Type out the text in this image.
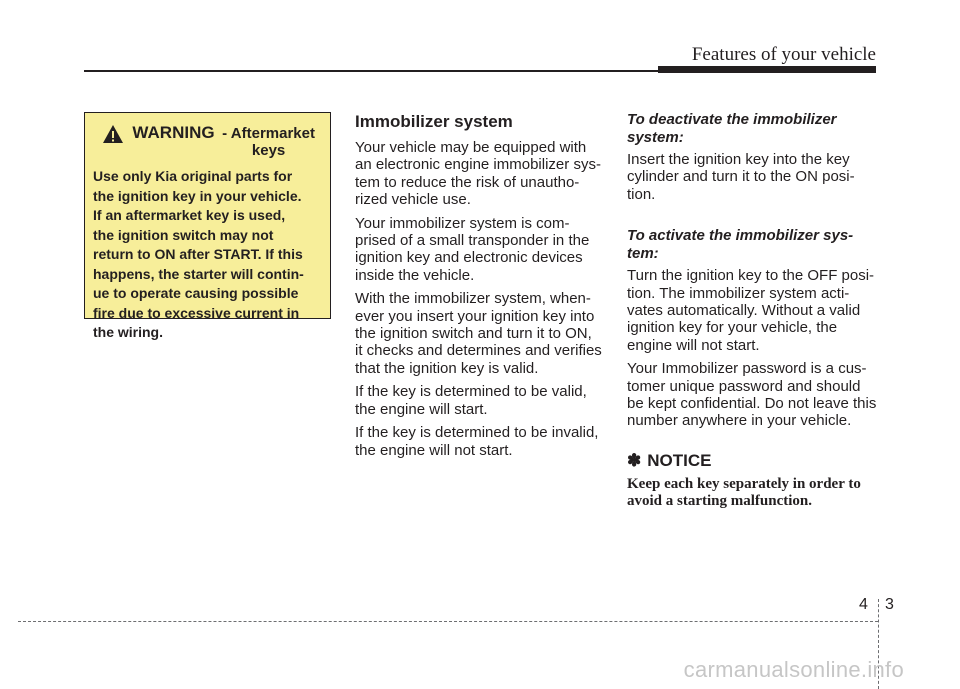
Features of your vehicle
WARNING - Aftermarket keys
Use only Kia original parts for
the ignition key in your vehicle.
If an aftermarket key is used,
the ignition switch may not
return to ON after START. If this
happens, the starter will contin-
ue to operate causing possible
fire due to excessive current in
the wiring.
Immobilizer system

Your vehicle may be equipped with
an electronic engine immobilizer sys-
tem to reduce the risk of unautho-
rized vehicle use.

Your immobilizer system is com-
prised of a small transponder in the
ignition key and electronic devices
inside the vehicle.

With the immobilizer system, when-
ever you insert your ignition key into
the ignition switch and turn it to ON,
it checks and determines and verifies
that the ignition key is valid.

If the key is determined to be valid,
the engine will start.

If the key is determined to be invalid,
the engine will not start.

To deactivate the immobilizer
system:

Insert the ignition key into the key
cylinder and turn it to the ON posi-
tion.

To activate the immobilizer sys-
tem:

Turn the ignition key to the OFF posi-
tion. The immobilizer system acti-
vates automatically. Without a valid
ignition key for your vehicle, the
engine will not start.

Your Immobilizer password is a cus-
tomer unique password and should
be kept confidential. Do not leave this
number anywhere in your vehicle.

✽ NOTICE
Keep each key separately in order to
avoid a starting malfunction.
4 3
carmanualsonline.info
